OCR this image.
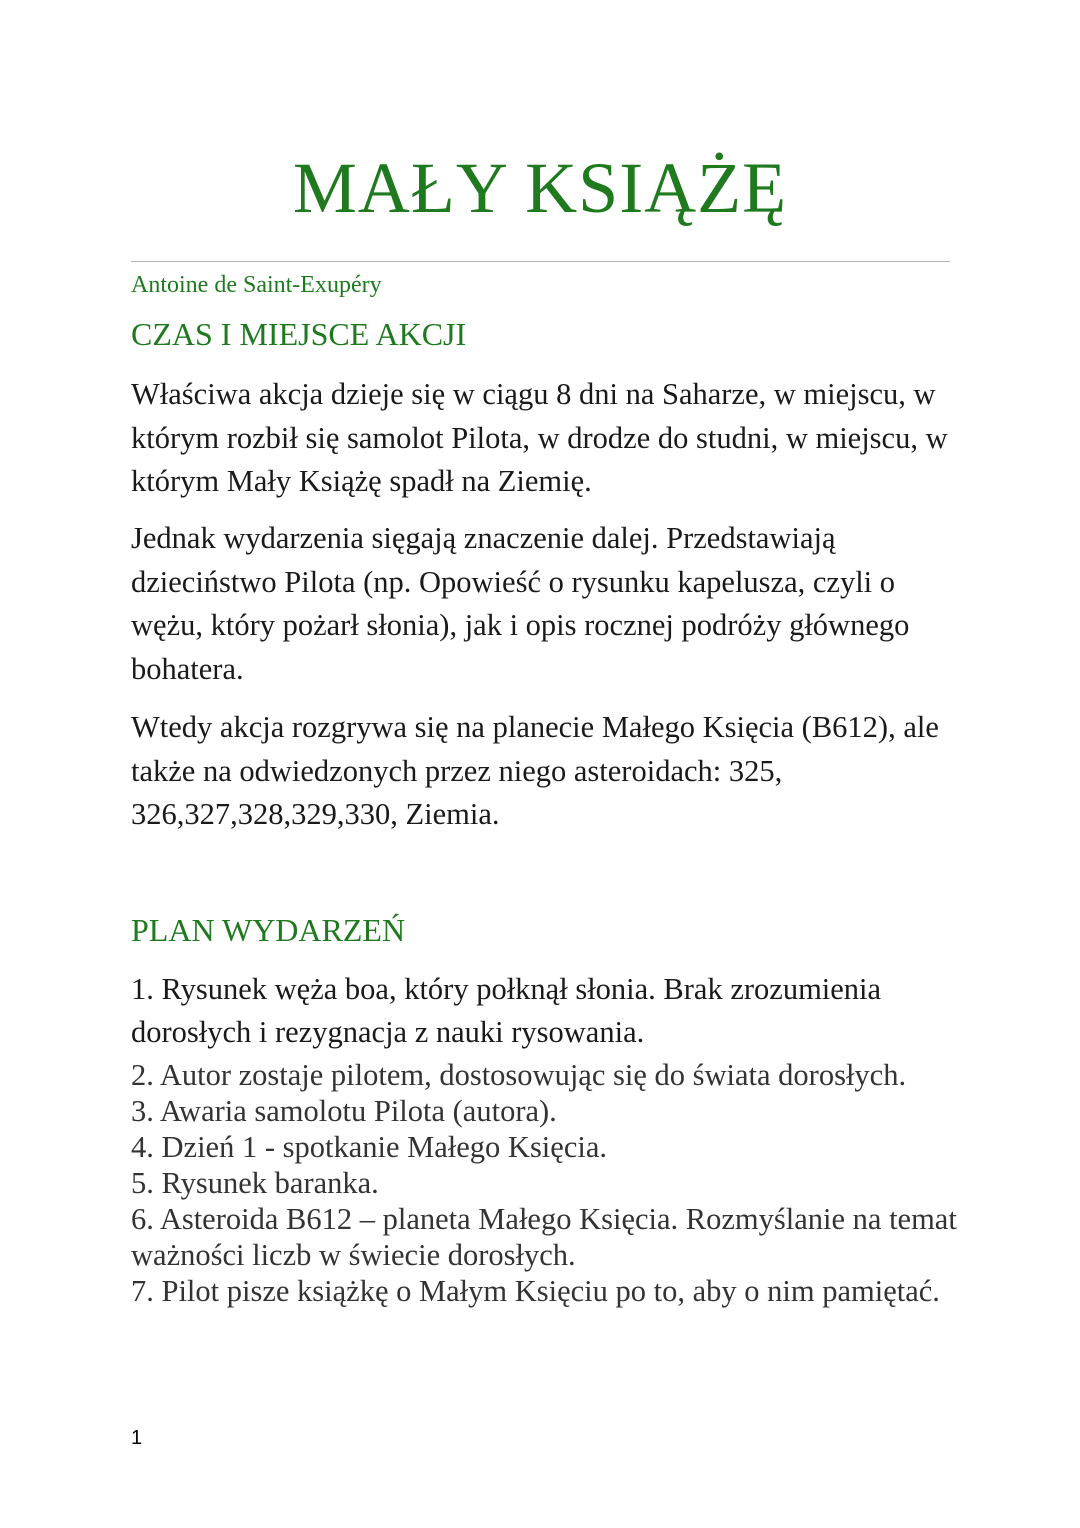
MAŁY KSIĄŻĘ
Antoine de Saint-Exupéry
CZAS I MIEJSCE AKCJI

Właściwa akcja dzieje się w ciągu 8 dni na Saharze, w miejscu, w którym rozbił się samolot Pilota, w drodze do studni, w miejscu, w którym Mały Książę spadł na Ziemię.

Jednak wydarzenia sięgają znaczenie dalej. Przedstawiają dzieciństwo Pilota (np. Opowieść o rysunku kapelusza, czyli o wężu, który pożarł słonia), jak i opis rocznej podróży głównego bohatera.

Wtedy akcja rozgrywa się na planecie Małego Księcia (B612), ale także na odwiedzonych przez niego asteroidach: 325, 326,327,328,329,330, Ziemia.

PLAN WYDARZEŃ
1. Rysunek węża boa, który połknął słonia. Brak zrozumienia dorosłych i rezygnacja z nauki rysowania.
2. Autor zostaje pilotem, dostosowując się do świata dorosłych.
3. Awaria samolotu Pilota (autora).
4. Dzień 1 - spotkanie Małego Księcia.
5. Rysunek baranka.
6. Asteroida B612 – planeta Małego Księcia. Rozmyślanie na temat ważności liczb w świecie dorosłych.
7. Pilot pisze książkę o Małym Księciu po to, aby o nim pamiętać.
1
